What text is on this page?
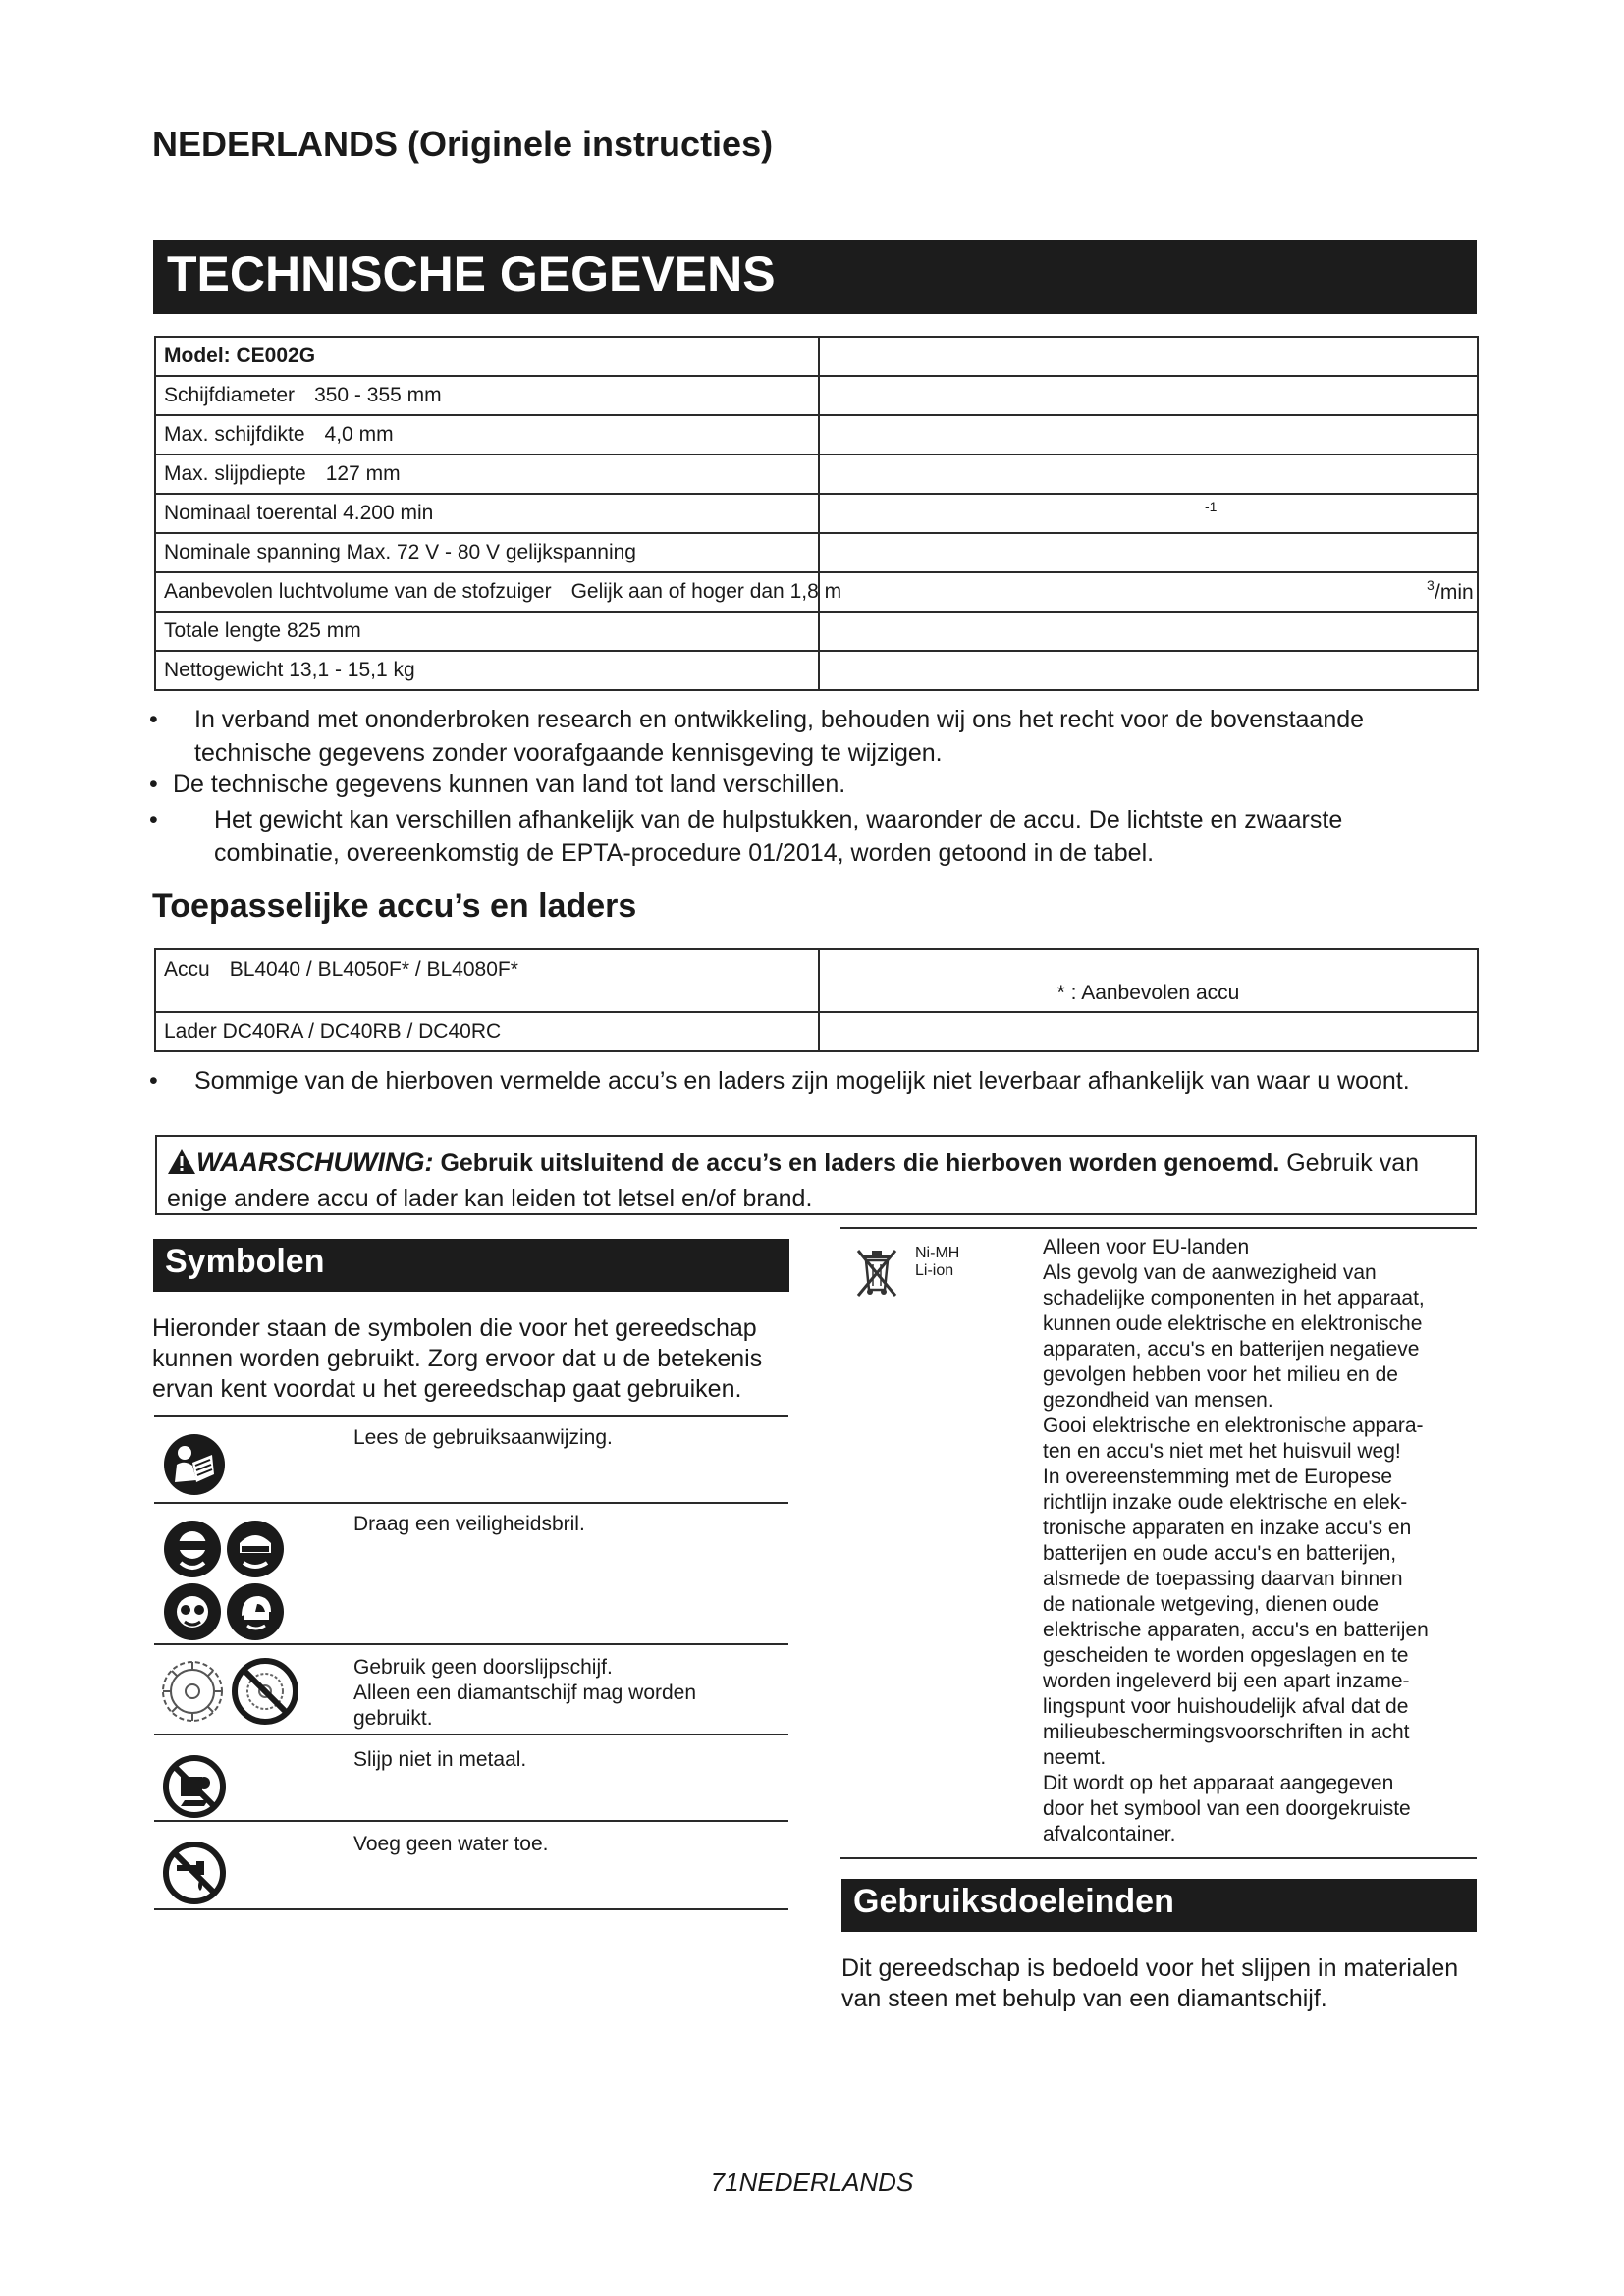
NEDERLANDS (Originele instructies)
TECHNISCHE GEGEVENS
Model: CE002G	
Schijfdiameter 350 - 355 mm	
Max. schijfdikte 4,0 mm	
Max. slijpdiepte 127 mm	
Nominaal toerental 4.200 min	-1

Nominale spanning Max. 72 V - 80 V gelijkspanning	
Aanbevolen luchtvolume van de stofzuiger Gelijk aan of hoger dan 1,8 m	3 /min

Totale lengte 825 mm	
Nettogewicht 13,1 - 15,1 kg	
• In verband met ononderbroken research en ontwikkeling, behouden wij ons het recht voor de bovenstaande technische gegevens zonder voorafgaande kennisgeving te wijzigen.
• De technische gegevens kunnen van land tot land verschillen.
•	Het gewicht kan verschillen afhankelijk van de hulpstukken, waaronder de accu. De lichtste en zwaarste combinatie, overeenkomstig de EPTA-procedure 01/2014, worden getoond in de tabel.
Toepasselijke accu’s en laders
Accu BL4040 / BL4050F* / BL4080F*	* : Aanbevolen accu
Lader DC40RA / DC40RB / DC40RC	
•	Sommige van de hierboven vermelde accu’s en laders zijn mogelijk niet leverbaar afhankelijk van waar u woont.
WAARSCHUWING: Gebruik uitsluitend de accu’s en laders die hierboven worden genoemd. Gebruik van enige andere accu of lader kan leiden tot letsel en/of brand.
Symbolen
Hieronder staan de symbolen die voor het gereedschap kunnen worden gebruikt. Zorg ervoor dat u de betekenis ervan kent voordat u het gereedschap gaat gebruiken.
Lees de gebruiksaanwijzing.
Draag een veiligheidsbril.
Gebruik geen doorslijpschijf.
Alleen een diamantschijf mag worden
gebruikt.
Slijp niet in metaal.
Voeg geen water toe.
Ni-MH
Li-ion
Alleen voor EU-landen
Als gevolg van de aanwezigheid van
schadelijke componenten in het apparaat,
kunnen oude elektrische en elektronische
apparaten, accu's en batterijen negatieve
gevolgen hebben voor het milieu en de
gezondheid van mensen.
Gooi elektrische en elektronische appara-
ten en accu's niet met het huisvuil weg!
In overeenstemming met de Europese
richtlijn inzake oude elektrische en elek-
tronische apparaten en inzake accu's en
batterijen en oude accu's en batterijen,
alsmede de toepassing daarvan binnen
de nationale wetgeving, dienen oude
elektrische apparaten, accu's en batterijen
gescheiden te worden opgeslagen en te
worden ingeleverd bij een apart inzame-
lingspunt voor huishoudelijk afval dat de
milieubeschermingsvoorschriften in acht
neemt.
Dit wordt op het apparaat aangegeven
door het symbool van een doorgekruiste
afvalcontainer.
Gebruiksdoeleinden
Dit gereedschap is bedoeld voor het slijpen in materialen van steen met behulp van een diamantschijf.
71NEDERLANDS
